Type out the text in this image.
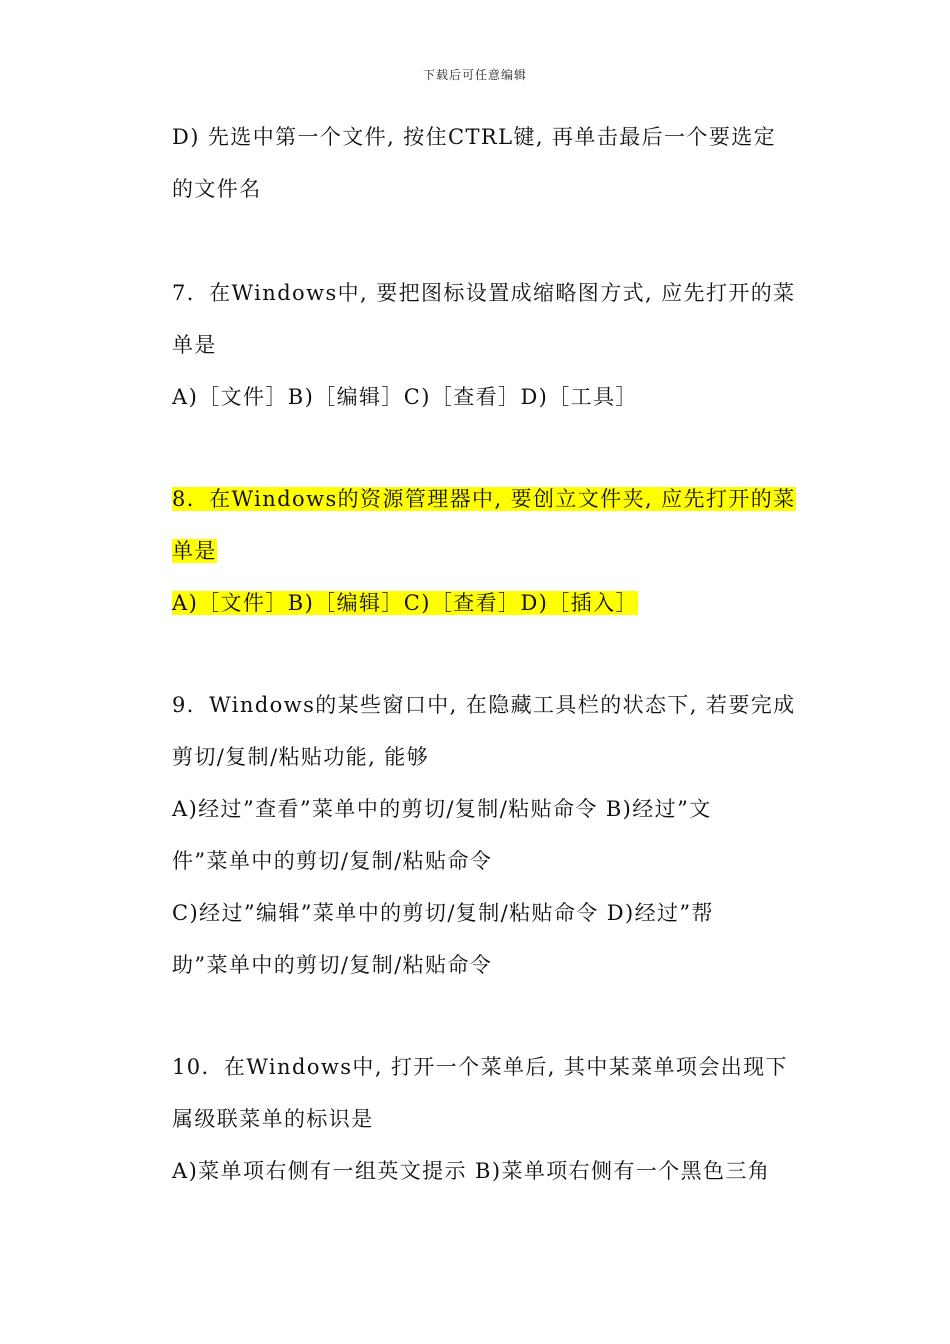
下载后可任意编辑
D) 先选中第一个文件, 按住CTRL键, 再单击最后一个要选定
的文件名
7．在Windows中, 要把图标设置成缩略图方式, 应先打开的菜
单是
A)［文件］B)［编辑］C)［查看］D)［工具］
8．在Windows的资源管理器中, 要创立文件夹, 应先打开的菜
单是
A)［文件］B)［编辑］C)［查看］D)［插入］
9．Windows的某些窗口中, 在隐藏工具栏的状态下, 若要完成
剪切/复制/粘贴功能, 能够
A)经过”查看”菜单中的剪切/复制/粘贴命令 B)经过”文
件”菜单中的剪切/复制/粘贴命令
C)经过”编辑”菜单中的剪切/复制/粘贴命令 D)经过”帮
助”菜单中的剪切/复制/粘贴命令
10．在Windows中, 打开一个菜单后, 其中某菜单项会出现下
属级联菜单的标识是
A)菜单项右侧有一组英文提示 B)菜单项右侧有一个黑色三角
